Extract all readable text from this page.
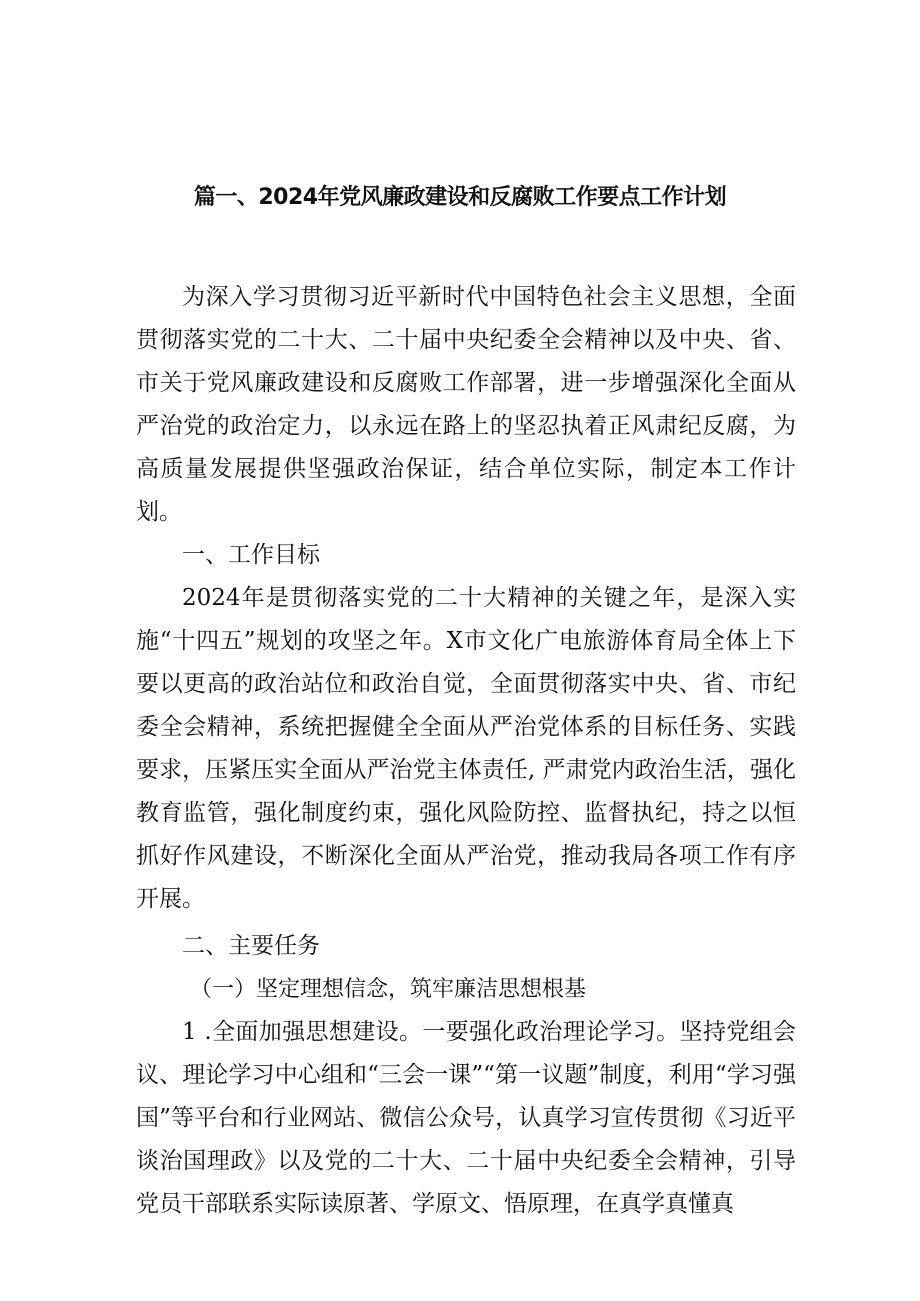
篇一、2024年党风廉政建设和反腐败工作要点工作计划

为深入学习贯彻习近平新时代中国特色社会主义思想，全面贯彻落实党的二十大、二十届中央纪委全会精神以及中央、省、市关于党风廉政建设和反腐败工作部署，进一步增强深化全面从严治党的政治定力，以永远在路上的坚忍执着正风肃纪反腐，为高质量发展提供坚强政治保证，结合单位实际，制定本工作计划。

一、工作目标

2024年是贯彻落实党的二十大精神的关键之年，是深入实施“十四五”规划的攻坚之年。X市文化广电旅游体育局全体上下要以更高的政治站位和政治自觉，全面贯彻落实中央、省、市纪委全会精神，系统把握健全全面从严治党体系的目标任务、实践要求，压紧压实全面从严治党主体责任, 严肃党内政治生活，强化教育监管，强化制度约束，强化风险防控、监督执纪，持之以恒抓好作风建设，不断深化全面从严治党，推动我局各项工作有序开展。

二、主要任务

（一）坚定理想信念，筑牢廉洁思想根基

1 .全面加强思想建设。一要强化政治理论学习。坚持党组会议、理论学习中心组和“三会一课”“第一议题”制度，利用“学习强国”等平台和行业网站、微信公众号，认真学习宣传贯彻《习近平谈治国理政》以及党的二十大、二十届中央纪委全会精神，引导党员干部联系实际读原著、学原文、悟原理，在真学真懂真
